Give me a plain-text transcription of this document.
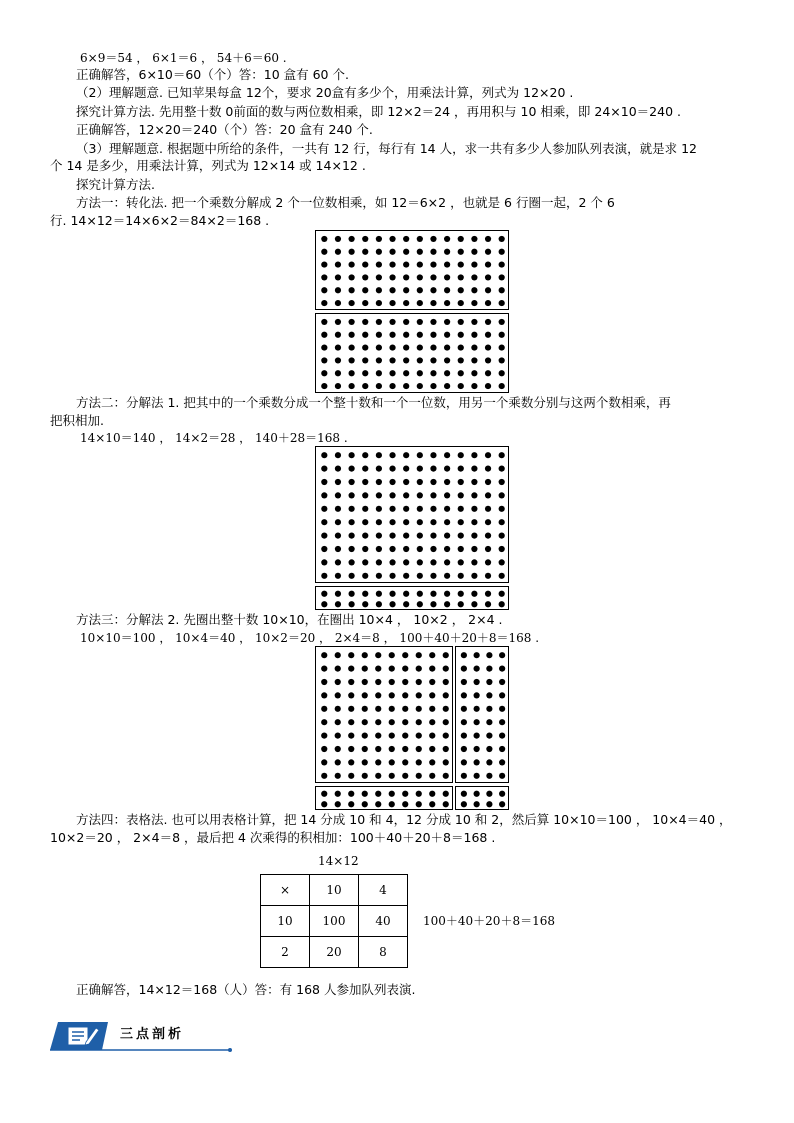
6×9＝54 ， 6×1＝6 ， 54＋6＝60 .
正确解答，6×10＝60（个）答：10 盒有 60 个.
（2）理解题意. 已知苹果每盒 12个，要求 20盒有多少个，用乘法计算，列式为 12×20 .
探究计算方法. 先用整十数 0前面的数与两位数相乘，即 12×2＝24 ，再用积与 10 相乘，即 24×10＝240 .
正确解答，12×20＝240（个）答：20 盒有 240 个.
（3）理解题意. 根据题中所给的条件，一共有 12 行，每行有 14 人，求一共有多少人参加队列表演，就是求 12
个 14 是多少，用乘法计算，列式为 12×14 或 14×12 .
探究计算方法.
方法一：转化法. 把一个乘数分解成 2 个一位数相乘，如 12＝6×2 ，也就是 6 行圈一起，2 个 6
行. 14×12＝14×6×2＝84×2＝168 .
方法二：分解法 1. 把其中的一个乘数分成一个整十数和一个一位数，用另一个乘数分别与这两个数相乘，再
把积相加.
14×10＝140 ， 14×2＝28 ， 140＋28＝168 .
方法三：分解法 2. 先圈出整十数 10×10，在圈出 10×4 ， 10×2 ， 2×4 .
10×10＝100 ， 10×4＝40 ， 10×2＝20 ， 2×4＝8 ， 100＋40＋20＋8＝168 .
方法四：表格法. 也可以用表格计算，把 14 分成 10 和 4，12 分成 10 和 2，然后算 10×10＝100 ， 10×4＝40 ，
10×2＝20 ， 2×4＝8 ，最后把 4 次乘得的积相加：100＋40＋20＋8＝168 .
14×12
×	10	4
10	100	40
2	20	8
100＋40＋20＋8＝168
正确解答，14×12＝168（人）答：有 168 人参加队列表演.
三点剖析
